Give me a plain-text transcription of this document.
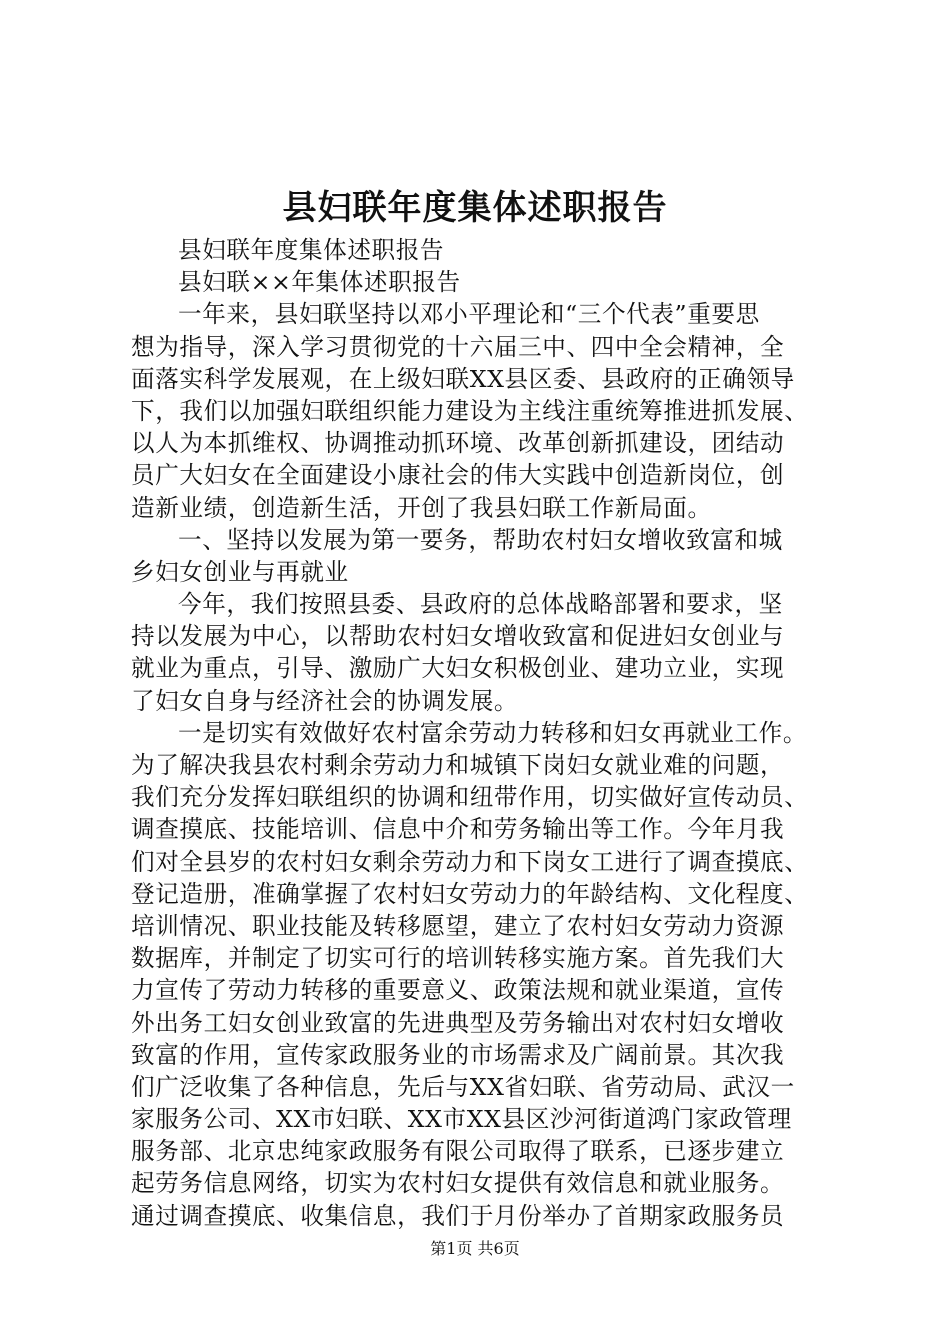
县妇联年度集体述职报告
县妇联年度集体述职报告
县妇联××年集体述职报告
一年来，县妇联坚持以邓小平理论和“三个代表”重要思
想为指导，深入学习贯彻党的十六届三中、四中全会精神，全
面落实科学发展观，在上级妇联XX县区委、县政府的正确领导
下，我们以加强妇联组织能力建设为主线注重统筹推进抓发展、
以人为本抓维权、协调推动抓环境、改革创新抓建设，团结动
员广大妇女在全面建设小康社会的伟大实践中创造新岗位，创
造新业绩，创造新生活，开创了我县妇联工作新局面。
一、坚持以发展为第一要务，帮助农村妇女增收致富和城
乡妇女创业与再就业
今年，我们按照县委、县政府的总体战略部署和要求，坚
持以发展为中心，以帮助农村妇女增收致富和促进妇女创业与
就业为重点，引导、激励广大妇女积极创业、建功立业，实现
了妇女自身与经济社会的协调发展。
一是切实有效做好农村富余劳动力转移和妇女再就业工作。
为了解决我县农村剩余劳动力和城镇下岗妇女就业难的问题，
我们充分发挥妇联组织的协调和纽带作用，切实做好宣传动员、
调查摸底、技能培训、信息中介和劳务输出等工作。今年月我
们对全县岁的农村妇女剩余劳动力和下岗女工进行了调查摸底、
登记造册，准确掌握了农村妇女劳动力的年龄结构、文化程度、
培训情况、职业技能及转移愿望，建立了农村妇女劳动力资源
数据库，并制定了切实可行的培训转移实施方案。首先我们大
力宣传了劳动力转移的重要意义、政策法规和就业渠道，宣传
外出务工妇女创业致富的先进典型及劳务输出对农村妇女增收
致富的作用，宣传家政服务业的市场需求及广阔前景。其次我
们广泛收集了各种信息，先后与XX省妇联、省劳动局、武汉一
家服务公司、XX市妇联、XX市XX县区沙河街道鸿门家政管理
服务部、北京忠纯家政服务有限公司取得了联系，已逐步建立
起劳务信息网络，切实为农村妇女提供有效信息和就业服务。
通过调查摸底、收集信息，我们于月份举办了首期家政服务员
第1页 共6页
